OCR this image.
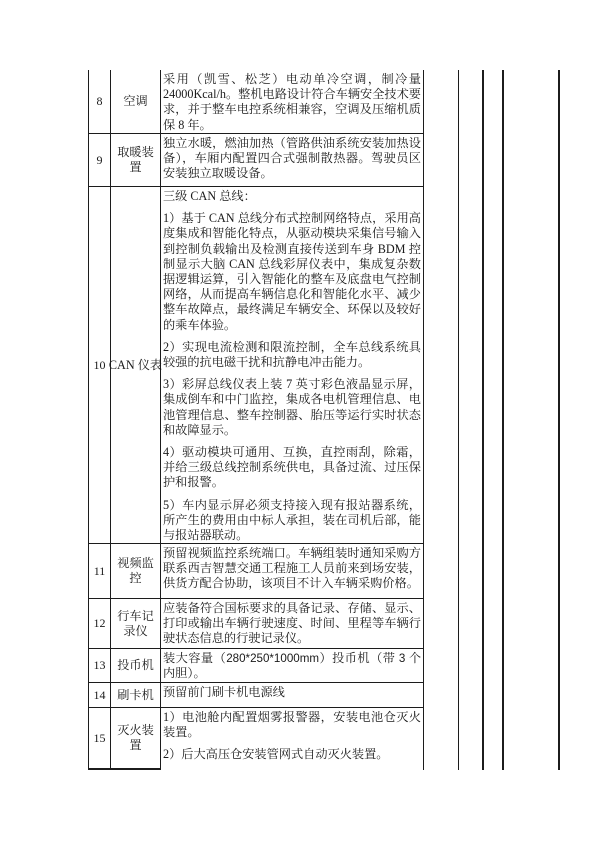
8 空调
采用（凯雪、松芝）电动单冷空调，制冷量 24000Kcal/h。整机电路设计符合车辆安全技术要求，并于整车电控系统相兼容，空调及压缩机质保 8 年。
9
取暖装
置
独立水暖，燃油加热（管路供油系统安装加热设备），车厢内配置四合式强制散热器。驾驶员区安装独立取暖设备。
10 CAN 仪表
三级 CAN 总线：
1）基于 CAN 总线分布式控制网络特点，采用高度集成和智能化特点，从驱动模块采集信号输入到控制负载输出及检测直接传送到车身 BDM 控制显示大脑 CAN 总线彩屏仪表中，集成复杂数据逻辑运算，引入智能化的整车及底盘电气控制网络，从而提高车辆信息化和智能化水平、减少整车故障点，最终满足车辆安全、环保以及较好的乘车体验。
2）实现电流检测和限流控制，全车总线系统具较强的抗电磁干扰和抗静电冲击能力。
3）彩屏总线仪表上装 7 英寸彩色液晶显示屏，集成倒车和中门监控，集成各电机管理信息、电池管理信息、整车控制器、胎压等运行实时状态和故障显示。
4）驱动模块可通用、互换，直控雨刮，除霜，并给三级总线控制系统供电，具备过流、过压保护和报警。
5）车内显示屏必须支持接入现有报站器系统，所产生的费用由中标人承担，装在司机后部，能与报站器联动。
11
视频监
控
预留视频监控系统端口。车辆组装时通知采购方联系西吉智慧交通工程施工人员前来到场安装，供货方配合协助，该项目不计入车辆采购价格。
12
行车记
录仪
应装备符合国标要求的具备记录、存储、显示、打印或输出车辆行驶速度、时间、里程等车辆行驶状态信息的行驶记录仪。
13 投币机 装大容量（280*250*1000mm）投币机（带 3 个内胆）。
14 刷卡机 预留前门刷卡机电源线
15
灭火装
置
1）电池舱内配置烟雾报警器，安装电池仓灭火装置。
2）后大高压仓安装管网式自动灭火装置。
